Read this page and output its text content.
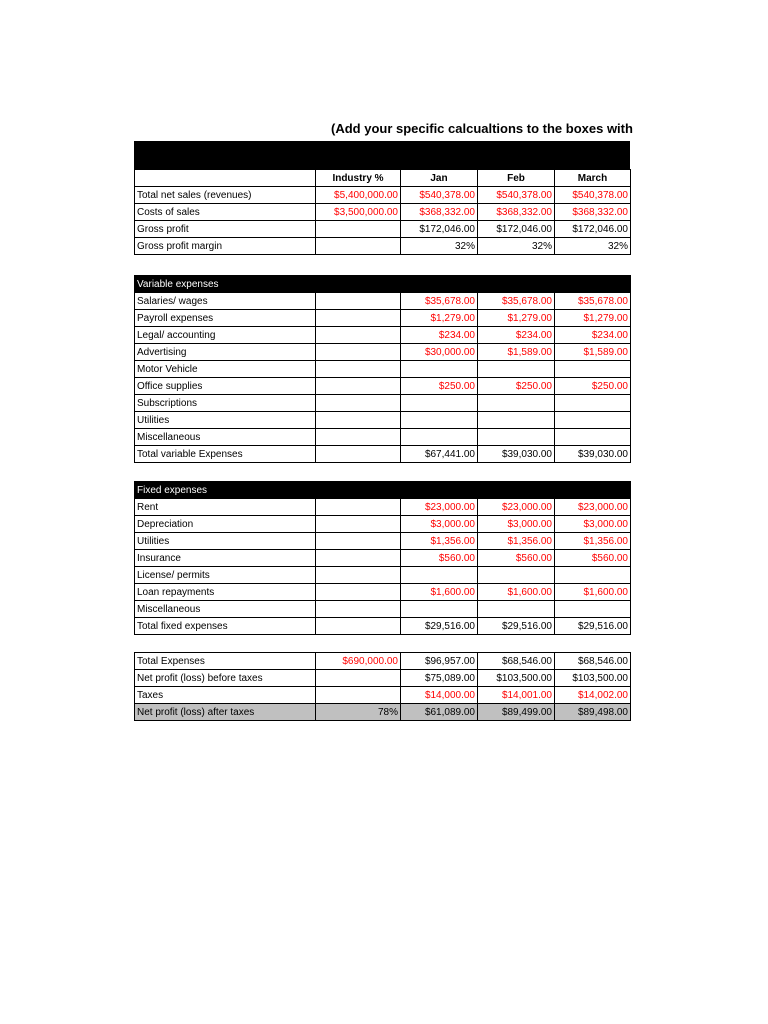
(Add your specific calcualtions to the boxes with
	Industry %	Jan	Feb	March
Total net sales (revenues)	$5,400,000.00	$540,378.00	$540,378.00	$540,378.00
Costs of sales	$3,500,000.00	$368,332.00	$368,332.00	$368,332.00
Gross profit		$172,046.00	$172,046.00	$172,046.00
Gross profit margin		32%	32%	32%
Variable expenses				
Salaries/ wages		$35,678.00	$35,678.00	$35,678.00
Payroll expenses		$1,279.00	$1,279.00	$1,279.00
Legal/ accounting		$234.00	$234.00	$234.00
Advertising		$30,000.00	$1,589.00	$1,589.00
Motor Vehicle				
Office supplies		$250.00	$250.00	$250.00
Subscriptions				
Utilities				
Miscellaneous				
Total variable Expenses		$67,441.00	$39,030.00	$39,030.00
Fixed expenses				
Rent		$23,000.00	$23,000.00	$23,000.00
Depreciation		$3,000.00	$3,000.00	$3,000.00
Utilities		$1,356.00	$1,356.00	$1,356.00
Insurance		$560.00	$560.00	$560.00
License/ permits				
Loan repayments		$1,600.00	$1,600.00	$1,600.00
Miscellaneous				
Total fixed expenses		$29,516.00	$29,516.00	$29,516.00
Total Expenses	$690,000.00	$96,957.00	$68,546.00	$68,546.00
Net profit (loss) before taxes		$75,089.00	$103,500.00	$103,500.00
Taxes		$14,000.00	$14,001.00	$14,002.00
Net profit (loss) after taxes	78%	$61,089.00	$89,499.00	$89,498.00
